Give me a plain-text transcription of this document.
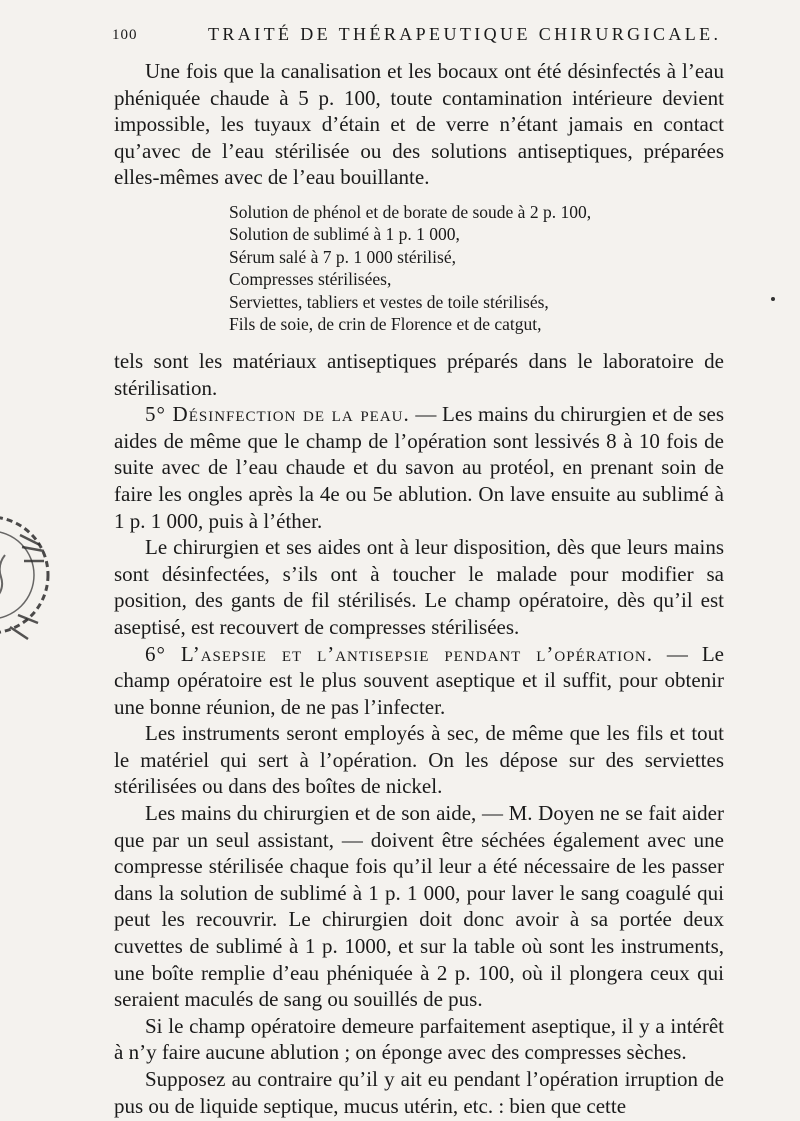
100	TRAITÉ DE THÉRAPEUTIQUE CHIRURGICALE.

Une fois que la canalisation et les bocaux ont été désinfectés à l’eau phéniquée chaude à 5 p. 100, toute contamination intérieure devient impossible, les tuyaux d’étain et de verre n’étant jamais en contact qu’avec de l’eau stérilisée ou des solutions antiseptiques, préparées elles-mêmes avec de l’eau bouillante.

Solution de phénol et de borate de soude à 2 p. 100,
Solution de sublimé à 1 p. 1 000,
Sérum salé à 7 p. 1 000 stérilisé,
Compresses stérilisées,
Serviettes, tabliers et vestes de toile stérilisés,
Fils de soie, de crin de Florence et de catgut,

tels sont les matériaux antiseptiques préparés dans le laboratoire de stérilisation.

5° Désinfection de la peau. — Les mains du chirurgien et de ses aides de même que le champ de l’opération sont lessivés 8 à 10 fois de suite avec de l’eau chaude et du savon au protéol, en prenant soin de faire les ongles après la 4e ou 5e ablution. On lave ensuite au sublimé à 1 p. 1 000, puis à l’éther.

Le chirurgien et ses aides ont à leur disposition, dès que leurs mains sont désinfectées, s’ils ont à toucher le malade pour modifier sa position, des gants de fil stérilisés. Le champ opératoire, dès qu’il est aseptisé, est recouvert de compresses stérilisées.

6° L’asepsie et l’antisepsie pendant l’opération. — Le champ opératoire est le plus souvent aseptique et il suffit, pour obtenir une bonne réunion, de ne pas l’infecter.

Les instruments seront employés à sec, de même que les fils et tout le matériel qui sert à l’opération. On les dépose sur des serviettes stérilisées ou dans des boîtes de nickel.

Les mains du chirurgien et de son aide, — M. Doyen ne se fait aider que par un seul assistant, — doivent être séchées également avec une compresse stérilisée chaque fois qu’il leur a été nécessaire de les passer dans la solution de sublimé à 1 p. 1 000, pour laver le sang coagulé qui peut les recouvrir. Le chirurgien doit donc avoir à sa portée deux cuvettes de sublimé à 1 p. 1000, et sur la table où sont les instruments, une boîte remplie d’eau phéniquée à 2 p. 100, où il plongera ceux qui seraient maculés de sang ou souillés de pus.

Si le champ opératoire demeure parfaitement aseptique, il y a intérêt à n’y faire aucune ablution ; on éponge avec des compresses sèches.

Supposez au contraire qu’il y ait eu pendant l’opération irruption de pus ou de liquide septique, mucus utérin, etc. : bien que cette
